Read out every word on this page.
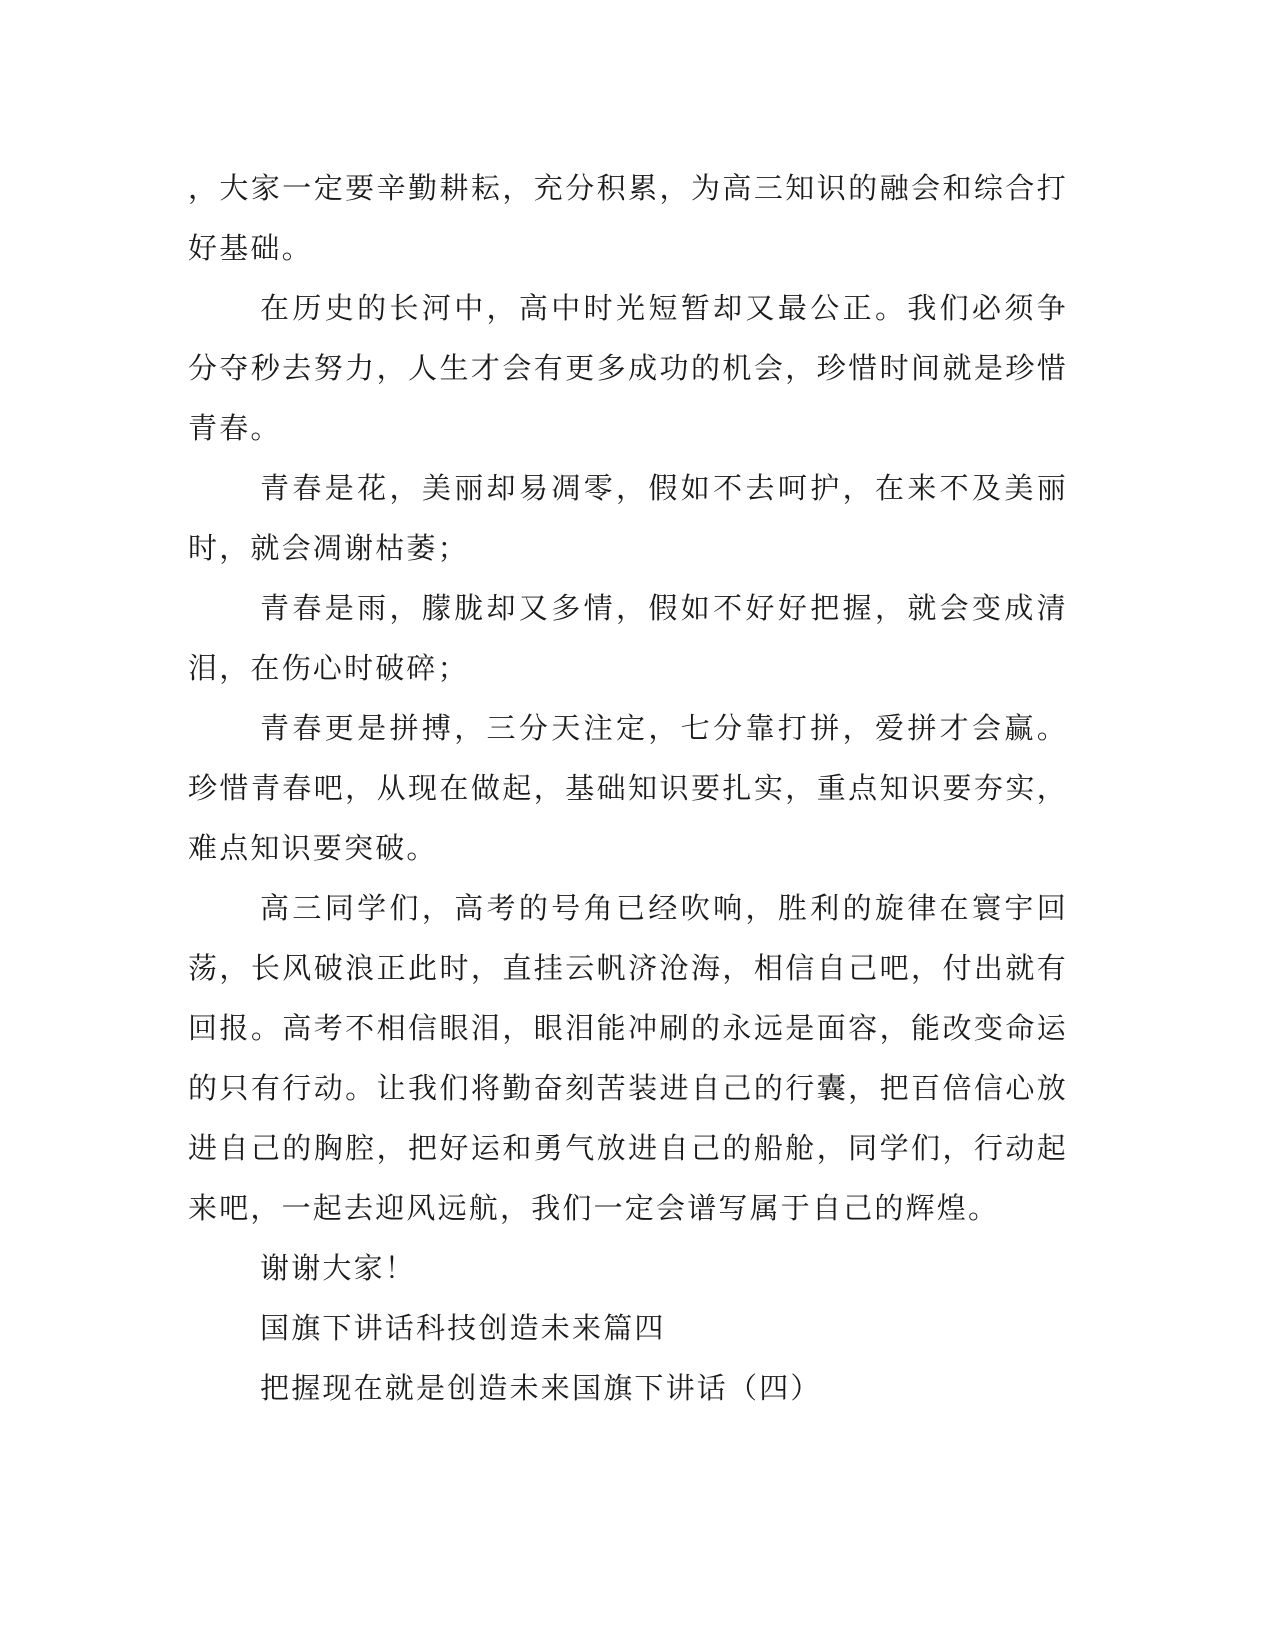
，大家一定要辛勤耕耘，充分积累，为高三知识的融会和综合打好基础。

在历史的长河中，高中时光短暂却又最公正。我们必须争分夺秒去努力，人生才会有更多成功的机会，珍惜时间就是珍惜青春。

青春是花，美丽却易凋零，假如不去呵护，在来不及美丽时，就会凋谢枯萎；

青春是雨，朦胧却又多情，假如不好好把握，就会变成清泪，在伤心时破碎；

青春更是拼搏，三分天注定，七分靠打拼，爱拼才会赢。珍惜青春吧，从现在做起，基础知识要扎实，重点知识要夯实，难点知识要突破。

高三同学们，高考的号角已经吹响，胜利的旋律在寰宇回荡，长风破浪正此时，直挂云帆济沧海，相信自己吧，付出就有回报。高考不相信眼泪，眼泪能冲刷的永远是面容，能改变命运的只有行动。让我们将勤奋刻苦装进自己的行囊，把百倍信心放进自己的胸腔，把好运和勇气放进自己的船舱，同学们，行动起来吧，一起去迎风远航，我们一定会谱写属于自己的辉煌。

谢谢大家！

国旗下讲话科技创造未来篇四

把握现在就是创造未来国旗下讲话（四）
